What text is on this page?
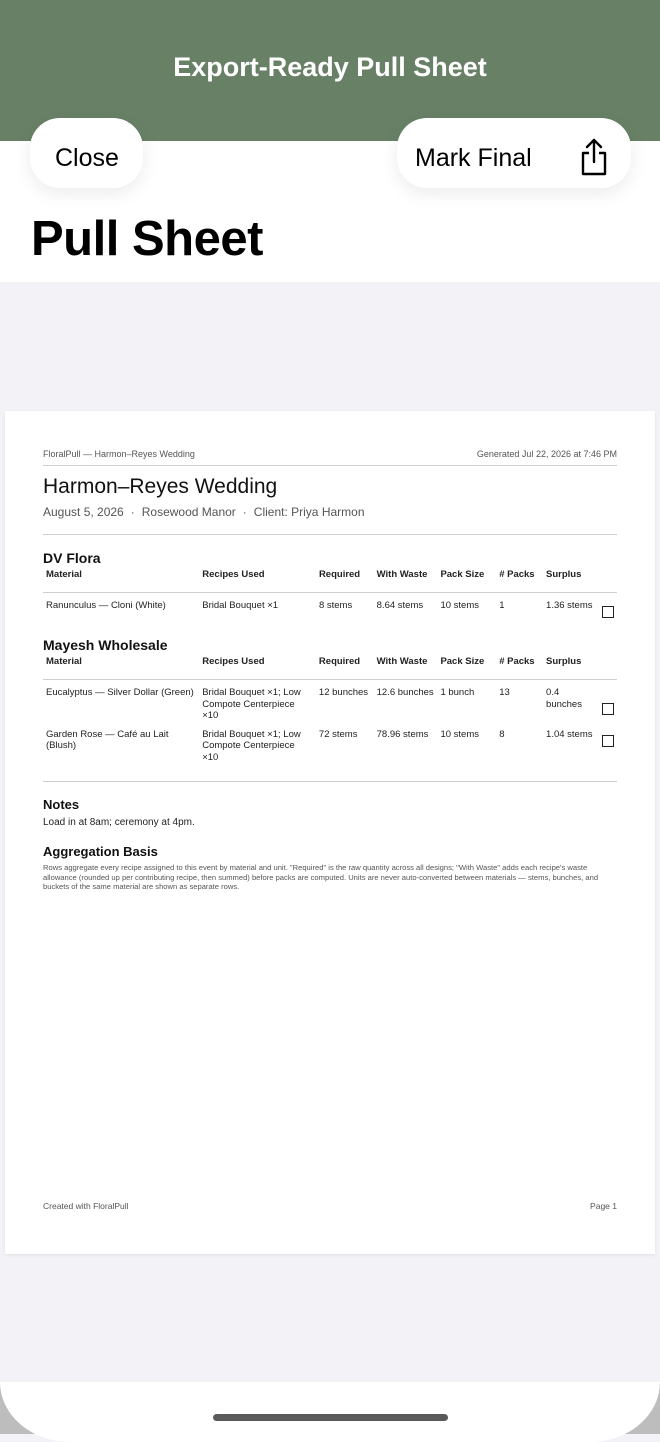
Export-Ready Pull Sheet
Close	Mark Final
Pull Sheet
FloralPull — Harmon–Reyes Wedding	Generated Jul 22, 2026 at 7:46 PM
Harmon–Reyes Wedding
August 5, 2026 · Rosewood Manor · Client: Priya Harmon
DV Flora
Material	Recipes Used	Required	With Waste	Pack Size	# Packs	Surplus	
Ranunculus — Cloni (White)	Bridal Bouquet ×1	8 stems	8.64 stems	10 stems	1	1.36 stems	
Mayesh Wholesale
Material	Recipes Used	Required	With Waste	Pack Size	# Packs	Surplus	
Eucalyptus — Silver Dollar (Green)	Bridal Bouquet ×1; Low Compote Centerpiece ×10	12 bunches	12.6 bunches	1 bunch	13	0.4 bunches	
Garden Rose — Café au Lait (Blush)	Bridal Bouquet ×1; Low Compote Centerpiece ×10	72 stems	78.96 stems	10 stems	8	1.04 stems	
Notes
Load in at 8am; ceremony at 4pm.
Aggregation Basis
Rows aggregate every recipe assigned to this event by material and unit. "Required" is the raw quantity across all designs; "With Waste" adds each recipe's waste allowance (rounded up per contributing recipe, then summed) before packs are computed. Units are never auto-converted between materials — stems, bunches, and buckets of the same material are shown as separate rows.
Created with FloralPull	Page 1
